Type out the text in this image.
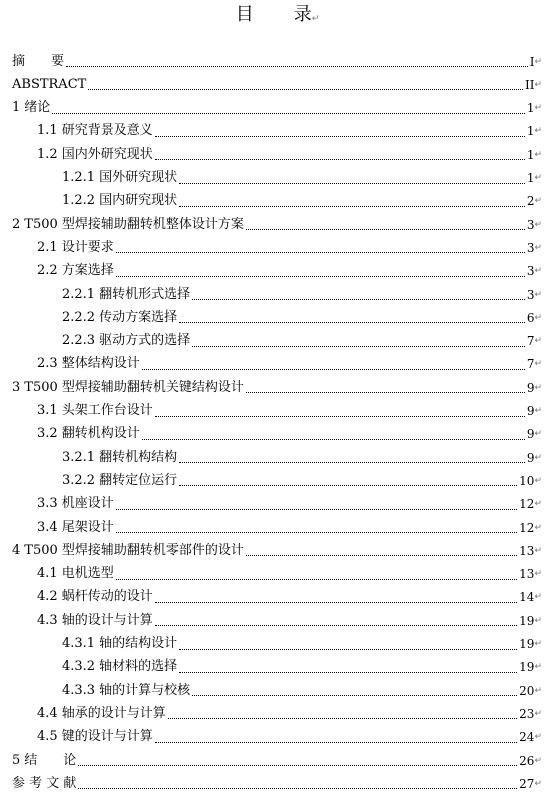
目 录↵
摘　　要	I ↵
ABSTRACT	II ↵
1 绪论	1 ↵
1.1 研究背景及意义	1 ↵
1.2 国内外研究现状	1 ↵
1.2.1 国外研究现状	1 ↵
1.2.2 国内研究现状	2 ↵
2 T500 型焊接辅助翻转机整体设计方案	3 ↵
2.1 设计要求	3 ↵
2.2 方案选择	3 ↵
2.2.1 翻转机形式选择	3 ↵
2.2.2 传动方案选择	6 ↵
2.2.3 驱动方式的选择	7 ↵
2.3 整体结构设计	7 ↵
3 T500 型焊接辅助翻转机关键结构设计	9 ↵
3.1 头架工作台设计	9 ↵
3.2 翻转机构设计	9 ↵
3.2.1 翻转机构结构	9 ↵
3.2.2 翻转定位运行	10 ↵
3.3 机座设计	12 ↵
3.4 尾架设计	12 ↵
4 T500 型焊接辅助翻转机零部件的设计	13 ↵
4.1 电机选型	13 ↵
4.2 蜗杆传动的设计	14 ↵
4.3 轴的设计与计算	19 ↵
4.3.1 轴的结构设计	19 ↵
4.3.2 轴材料的选择	19 ↵
4.3.3 轴的计算与校核	20 ↵
4.4 轴承的设计与计算	23 ↵
4.5 键的设计与计算	24 ↵
5 结　　论	26 ↵
参 考 文 献	27 ↵
